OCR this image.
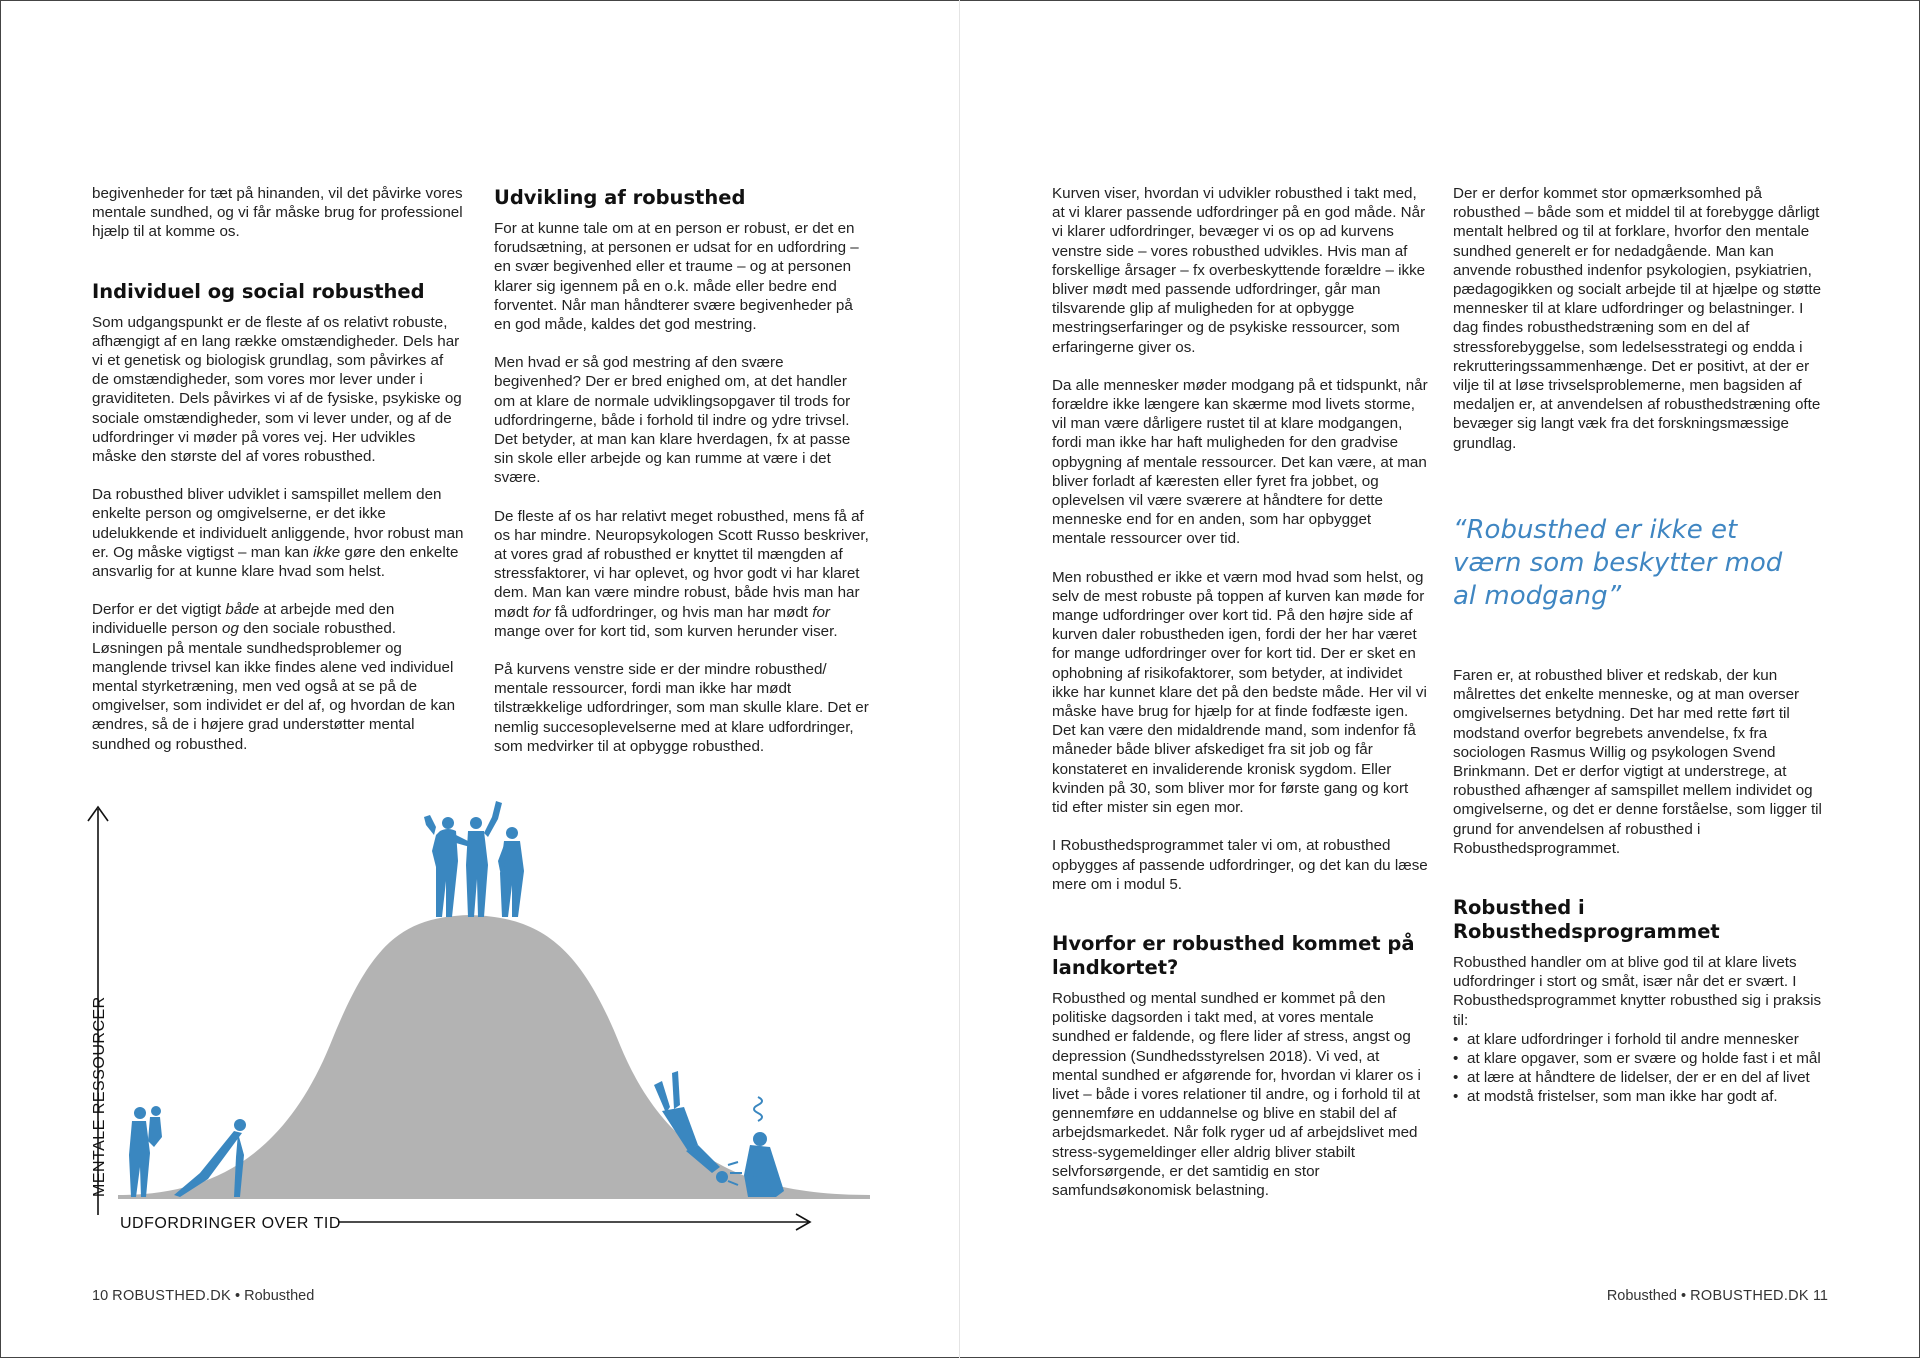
begivenheder for tæt på hinanden, vil det påvirke vores mentale sundhed, og vi får måske brug for professionel hjælp til at komme os.

Individuel og social robusthed

Som udgangspunkt er de fleste af os relativt robuste, afhængigt af en lang række omstændigheder. Dels har vi et genetisk og biologisk grundlag, som påvirkes af de omstændigheder, som vores mor lever under i graviditeten. Dels påvirkes vi af de fysiske, psykiske og sociale omstændigheder, som vi lever under, og af de udfordringer vi møder på vores vej. Her udvikles måske den største del af vores robusthed.

Da robusthed bliver udviklet i samspillet mellem den enkelte person og omgivelserne, er det ikke udelukkende et individuelt anliggende, hvor robust man er. Og måske vigtigst – man kan ikke gøre den enkelte ansvarlig for at kunne klare hvad som helst.

Derfor er det vigtigt både at arbejde med den individuelle person og den sociale robusthed. Løsningen på mentale sundhedsproblemer og manglende trivsel kan ikke findes alene ved individuel mental styrketræning, men ved også at se på de omgivelser, som individet er del af, og hvordan de kan ændres, så de i højere grad understøtter mental sundhed og robusthed.

Udvikling af robusthed

For at kunne tale om at en person er robust, er det en forudsætning, at personen er udsat for en udfordring – en svær begivenhed eller et traume – og at personen klarer sig igennem på en o.k. måde eller bedre end forventet. Når man håndterer svære begivenheder på en god måde, kaldes det god mestring.

Men hvad er så god mestring af den svære begivenhed? Der er bred enighed om, at det handler om at klare de normale udviklingsopgaver til trods for udfordringerne, både i forhold til indre og ydre trivsel. Det betyder, at man kan klare hverdagen, fx at passe sin skole eller arbejde og kan rumme at være i det svære.

De fleste af os har relativt meget robusthed, mens få af os har mindre. Neuropsykologen Scott Russo beskriver, at vores grad af robusthed er knyttet til mængden af stressfaktorer, vi har oplevet, og hvor godt vi har klaret dem. Man kan være mindre robust, både hvis man har mødt for få udfordringer, og hvis man har mødt for mange over for kort tid, som kurven herunder viser.

På kurvens venstre side er der mindre robusthed/ mentale ressourcer, fordi man ikke har mødt tilstrækkelige udfordringer, som man skulle klare. Det er nemlig succesoplevelserne med at klare udfordringer, som medvirker til at opbygge robusthed.

MENTALE RESSOURCER
UDFORDRINGER OVER TID

Kurven viser, hvordan vi udvikler robusthed i takt med, at vi klarer passende udfordringer på en god måde. Når vi klarer udfordringer, bevæger vi os op ad kurvens venstre side – vores robusthed udvikles. Hvis man af forskellige årsager – fx overbeskyttende forældre – ikke bliver mødt med passende udfordringer, går man tilsvarende glip af muligheden for at opbygge mestringserfaringer og de psykiske ressourcer, som erfaringerne giver os.

Da alle mennesker møder modgang på et tidspunkt, når forældre ikke længere kan skærme mod livets storme, vil man være dårligere rustet til at klare modgangen, fordi man ikke har haft muligheden for den gradvise opbygning af mentale ressourcer. Det kan være, at man bliver forladt af kæresten eller fyret fra jobbet, og oplevelsen vil være sværere at håndtere for dette menneske end for en anden, som har opbygget mentale ressourcer over tid.

Men robusthed er ikke et værn mod hvad som helst, og selv de mest robuste på toppen af kurven kan møde for mange udfordringer over kort tid. På den højre side af kurven daler robustheden igen, fordi der her har været for mange udfordringer over for kort tid. Der er sket en ophobning af risikofaktorer, som betyder, at individet ikke har kunnet klare det på den bedste måde. Her vil vi måske have brug for hjælp for at finde fodfæste igen. Det kan være den midaldrende mand, som indenfor få måneder både bliver afskediget fra sit job og får konstateret en invaliderende kronisk sygdom. Eller kvinden på 30, som bliver mor for første gang og kort tid efter mister sin egen mor.

I Robusthedsprogrammet taler vi om, at robusthed opbygges af passende udfordringer, og det kan du læse mere om i modul 5.

Hvorfor er robusthed kommet på landkortet?

Robusthed og mental sundhed er kommet på den politiske dagsorden i takt med, at vores mentale sundhed er faldende, og flere lider af stress, angst og depression (Sundhedsstyrelsen 2018). Vi ved, at mental sundhed er afgørende for, hvordan vi klarer os i livet – både i vores relationer til andre, og i forhold til at gennemføre en uddannelse og blive en stabil del af arbejdsmarkedet. Når folk ryger ud af arbejdslivet med stress-sygemeldinger eller aldrig bliver stabilt selvforsørgende, er det samtidig en stor samfundsøkonomisk belastning.

Der er derfor kommet stor opmærksomhed på robusthed – både som et middel til at forebygge dårligt mentalt helbred og til at forklare, hvorfor den mentale sundhed generelt er for nedadgående. Man kan anvende robusthed indenfor psykologien, psykiatrien, pædagogikken og socialt arbejde til at hjælpe og støtte mennesker til at klare udfordringer og belastninger. I dag findes robusthedstræning som en del af stressforebyggelse, som ledelsesstrategi og endda i rekrutteringssammenhænge. Det er positivt, at der er vilje til at løse trivselsproblemerne, men bagsiden af medaljen er, at anvendelsen af robusthedstræning ofte bevæger sig langt væk fra det forskningsmæssige grundlag.

“Robusthed er ikke et værn som beskytter mod al modgang”

Faren er, at robusthed bliver et redskab, der kun målrettes det enkelte menneske, og at man overser omgivelsernes betydning. Det har med rette ført til modstand overfor begrebets anvendelse, fx fra sociologen Rasmus Willig og psykologen Svend Brinkmann. Det er derfor vigtigt at understrege, at robusthed afhænger af samspillet mellem individet og omgivelserne, og det er denne forståelse, som ligger til grund for anvendelsen af robusthed i Robusthedsprogrammet.

Robusthed i Robusthedsprogrammet

Robusthed handler om at blive god til at klare livets udfordringer i stort og småt, især når det er svært. I Robusthedsprogrammet knytter robusthed sig i praksis til:

• at klare udfordringer i forhold til andre mennesker
• at klare opgaver, som er svære og holde fast i et mål
• at lære at håndtere de lidelser, der er en del af livet
• at modstå fristelser, som man ikke har godt af.
10 ROBUSTHED.DK • Robusthed	Robusthed • ROBUSTHED.DK 11
